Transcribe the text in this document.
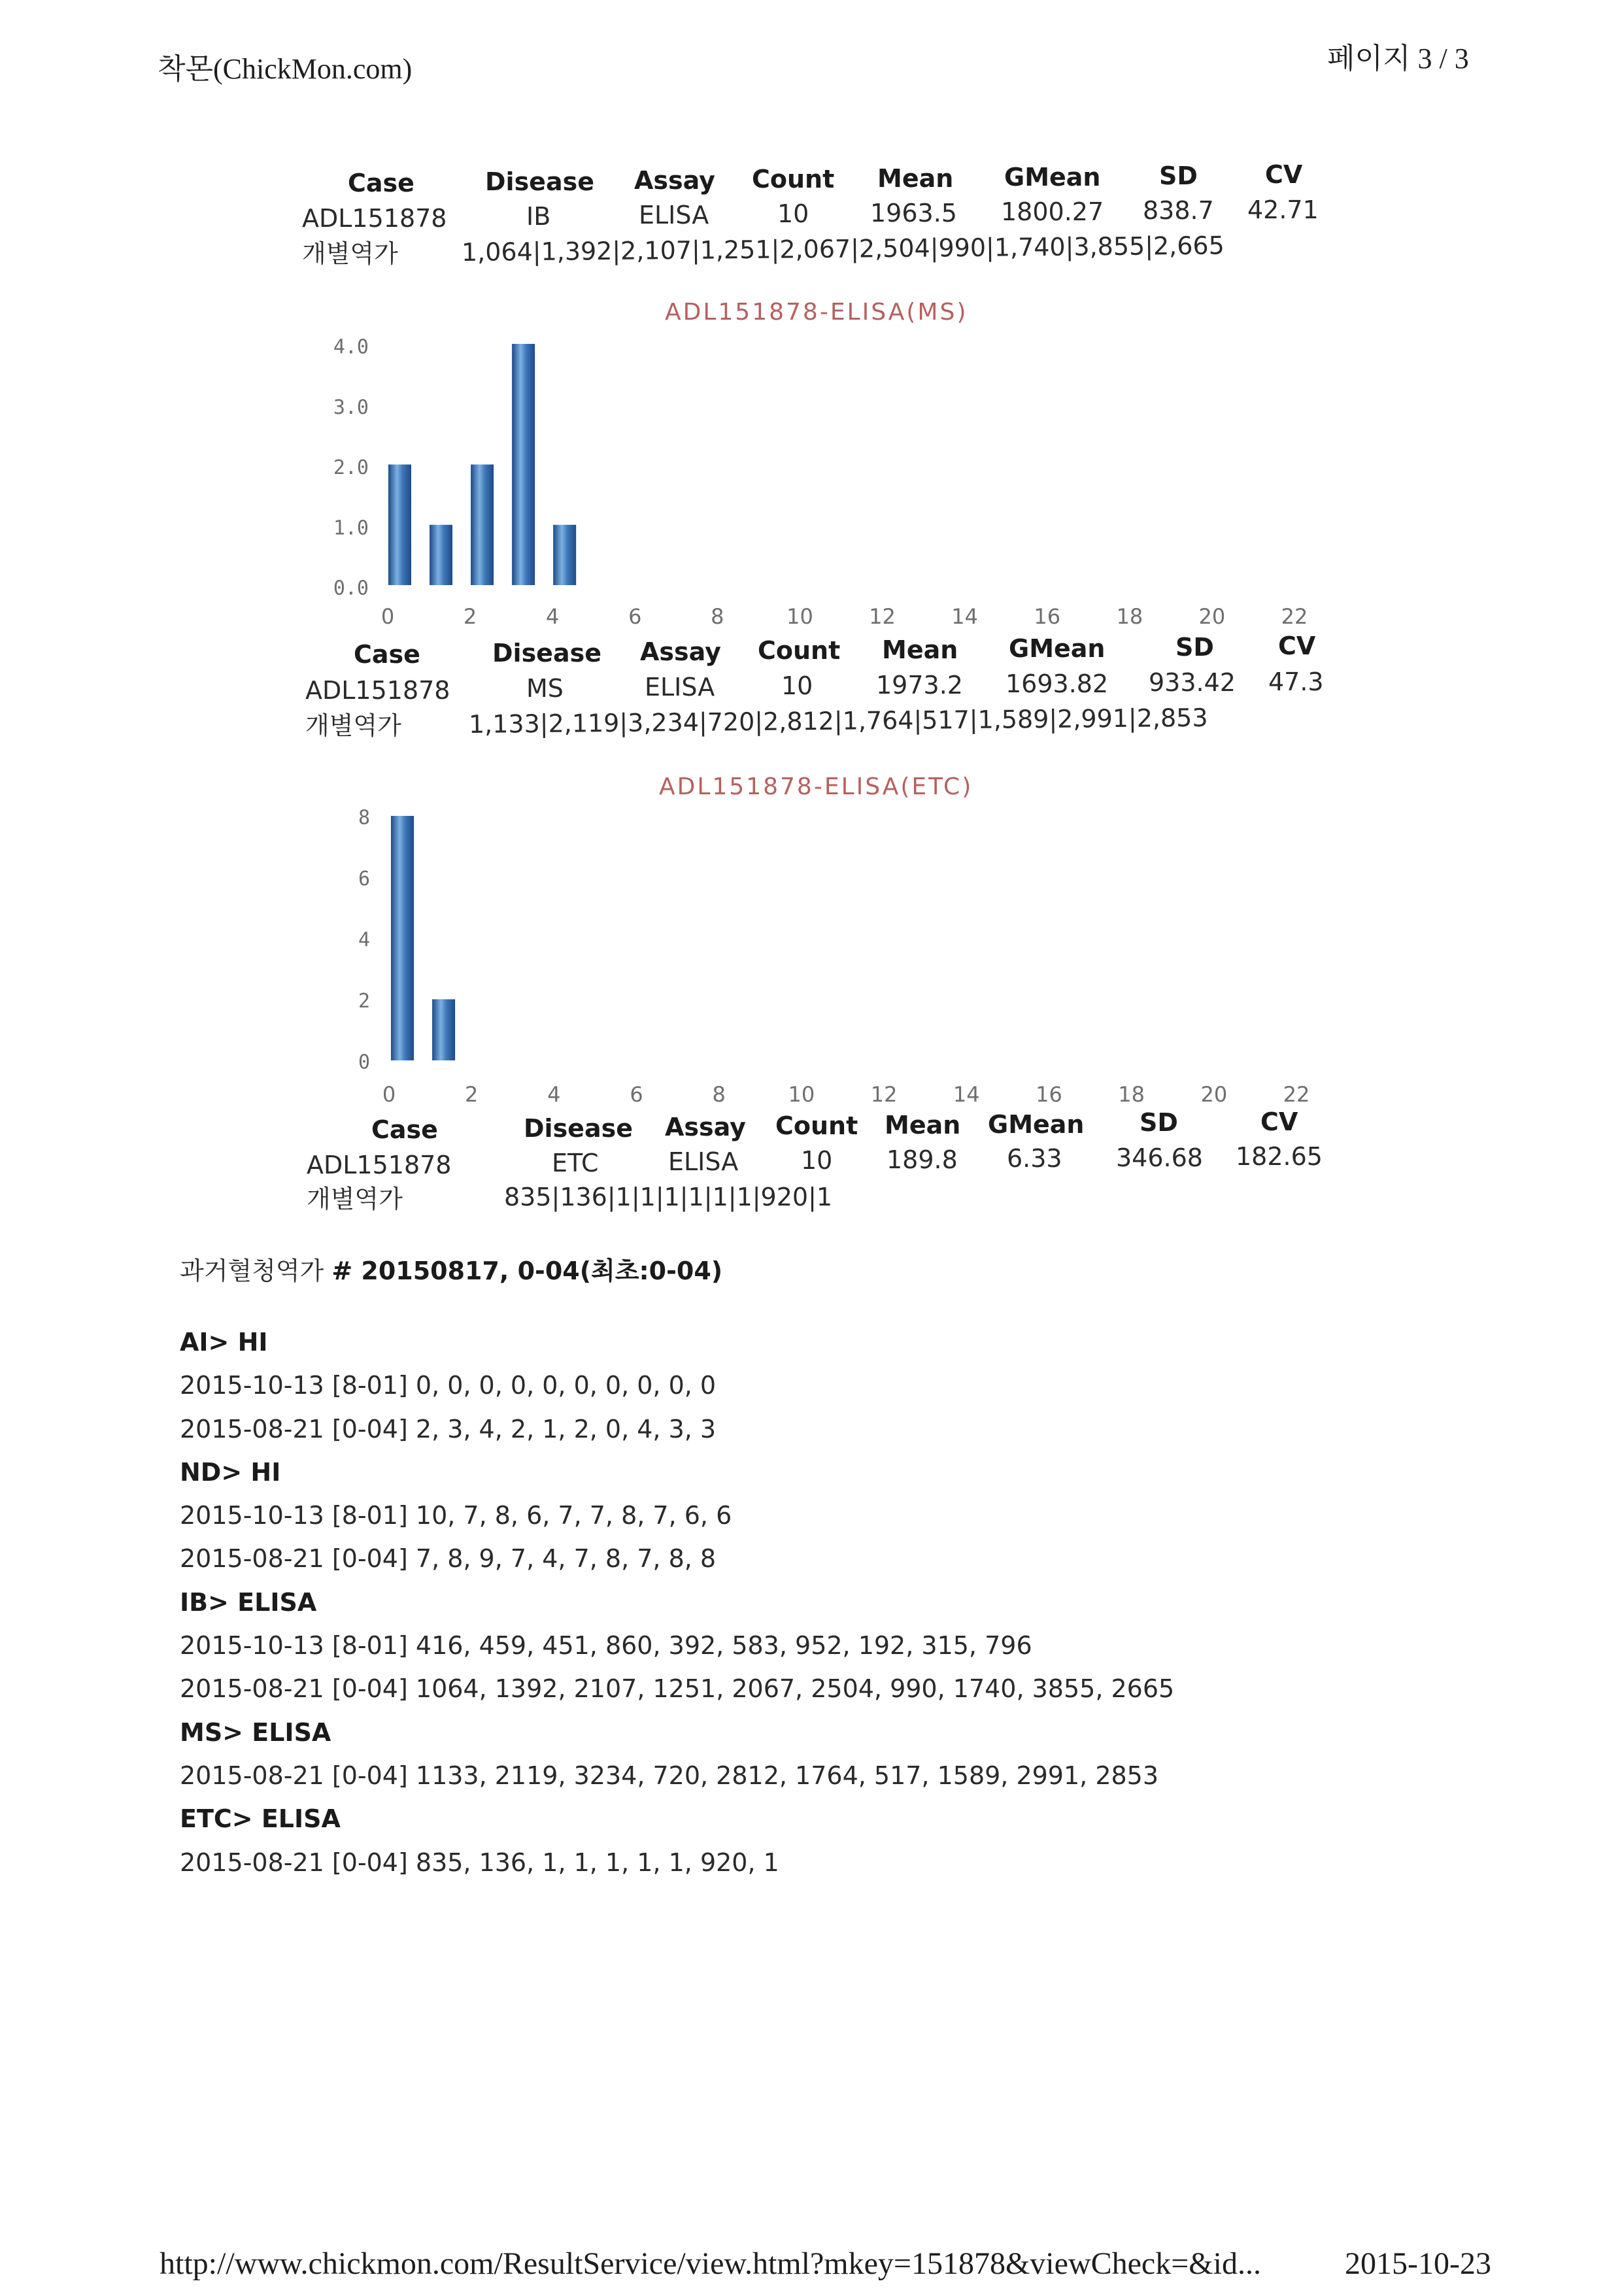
착몬(ChickMon.com)	페이지 3 / 3
Case	Disease Assay Count Mean GMean SD	CV
ADL151878	IB	ELISA	10 1963.5 1800.27 838.7 42.71
개별역가	1,064|1,392|2,107|1,251|2,067|2,504|990|1,740|3,855|2,665
ADL151878-ELISA(MS)
0.0
1.0
2.0
3.0
4.0
0	2	4	6	8	10	12	14	16	18	20	22
Case	Disease Assay Count Mean GMean	SD	CV
ADL151878	MS	ELISA	10	1973.2 1693.82 933.42 47.3
개별역가	1,133|2,119|3,234|720|2,812|1,764|517|1,589|2,991|2,853
ADL151878-ELISA(ETC)
0
2
4
6
8
0	2	4	6	8	10	12	14	16	18	20	22
Case	Disease Assay Count Mean GMean SD	CV
ADL151878	ETC	ELISA	10 189.8 6.33 346.68 182.65
개별역가	835|136|1|1|1|1|1|1|920|1
과거혈청역가 # 20150817, 0-04(최초:0-04)
AI> HI
2015-10-13 [8-01] 0, 0, 0, 0, 0, 0, 0, 0, 0, 0
2015-08-21 [0-04] 2, 3, 4, 2, 1, 2, 0, 4, 3, 3
ND> HI
2015-10-13 [8-01] 10, 7, 8, 6, 7, 7, 8, 7, 6, 6
2015-08-21 [0-04] 7, 8, 9, 7, 4, 7, 8, 7, 8, 8
IB> ELISA
2015-10-13 [8-01] 416, 459, 451, 860, 392, 583, 952, 192, 315, 796
2015-08-21 [0-04] 1064, 1392, 2107, 1251, 2067, 2504, 990, 1740, 3855, 2665
MS> ELISA
2015-08-21 [0-04] 1133, 2119, 3234, 720, 2812, 1764, 517, 1589, 2991, 2853
ETC> ELISA
2015-08-21 [0-04] 835, 136, 1, 1, 1, 1, 1, 920, 1
http://www.chickmon.com/ResultService/view.html?mkey=151878&viewCheck=&id...	2015-10-23
